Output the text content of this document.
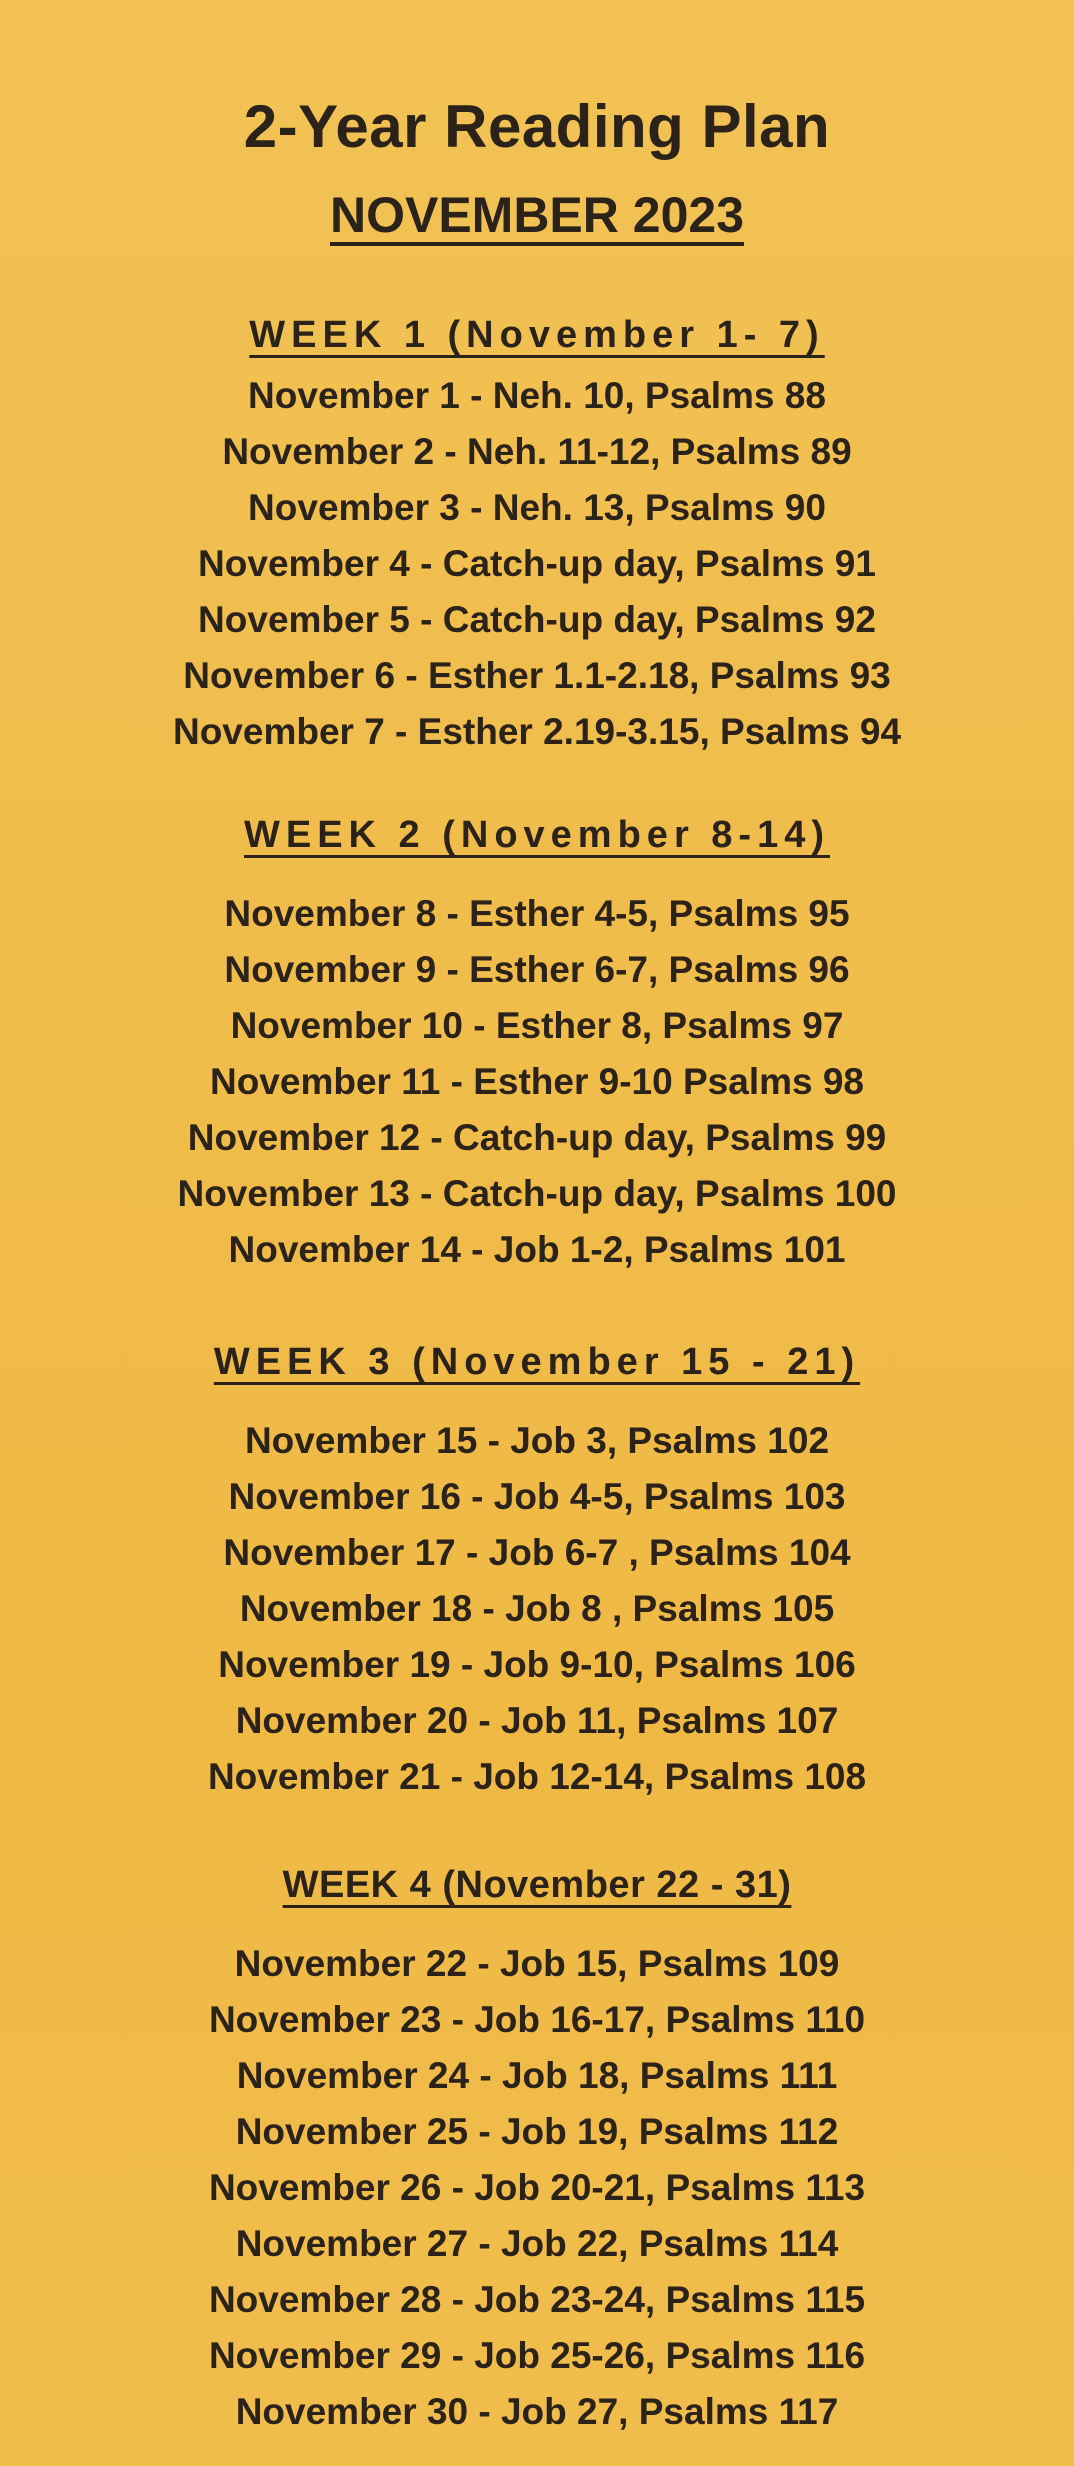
2-Year Reading Plan
NOVEMBER 2023
WEEK 1 (November 1- 7)
November 1 - Neh. 10, Psalms 88
November 2 - Neh. 11-12, Psalms 89
November 3 - Neh. 13, Psalms 90
November 4 - Catch-up day, Psalms 91
November 5 - Catch-up day, Psalms 92
November 6 - Esther 1.1-2.18, Psalms 93
November 7 - Esther 2.19-3.15, Psalms 94
WEEK 2 (November 8-14)
November 8 - Esther 4-5, Psalms 95
November 9 - Esther 6-7, Psalms 96
November 10 - Esther 8, Psalms 97
November 11 - Esther 9-10 Psalms 98
November 12 - Catch-up day, Psalms 99
November 13 - Catch-up day, Psalms 100
November 14 - Job 1-2, Psalms 101
WEEK 3 (November 15 - 21)
November 15 - Job 3, Psalms 102
November 16 - Job 4-5, Psalms 103
November 17 - Job 6-7 , Psalms 104
November 18 - Job 8 , Psalms 105
November 19 - Job 9-10, Psalms 106
November 20 - Job 11, Psalms 107
November 21 - Job 12-14, Psalms 108
WEEK 4 (November 22 - 31)
November 22 - Job 15, Psalms 109
November 23 - Job 16-17, Psalms 110
November 24 - Job 18, Psalms 111
November 25 - Job 19, Psalms 112
November 26 - Job 20-21, Psalms 113
November 27 - Job 22, Psalms 114
November 28 - Job 23-24, Psalms 115
November 29 - Job 25-26, Psalms 116
November 30 - Job 27, Psalms 117
